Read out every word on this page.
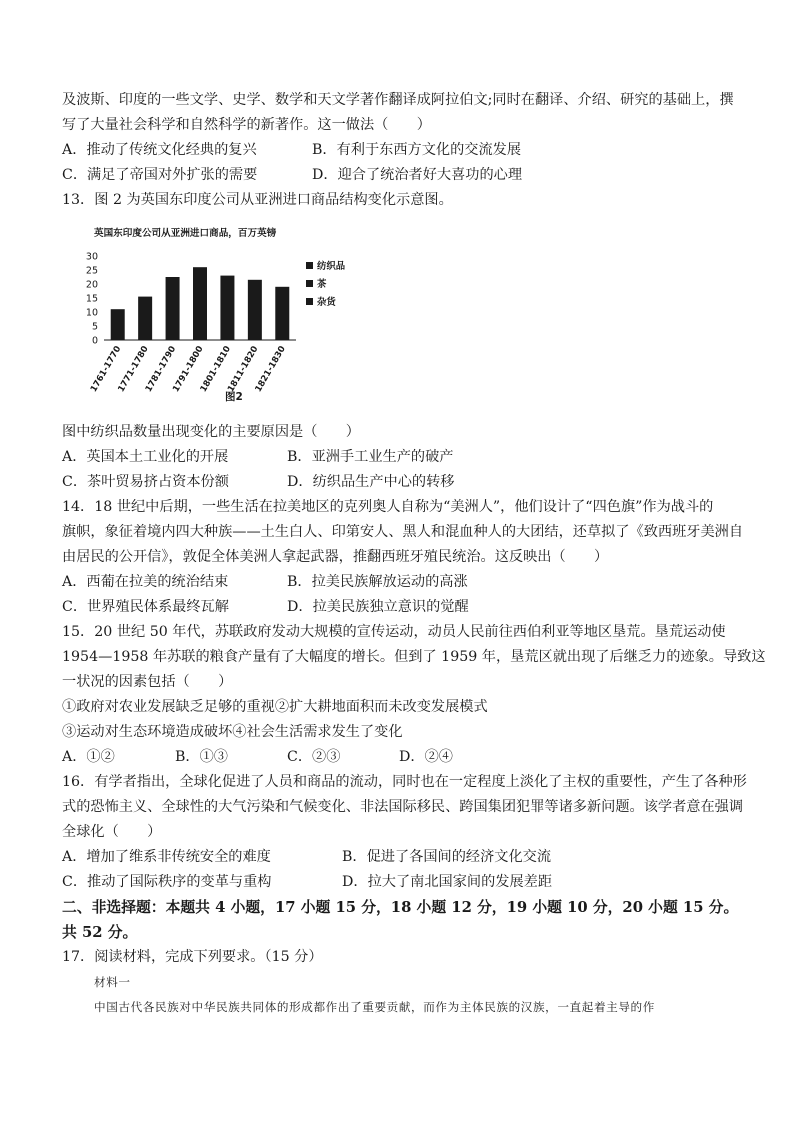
及波斯、印度的一些文学、史学、数学和天文学著作翻译成阿拉伯文;同时在翻译、介绍、研究的基础上，撰
写了大量社会科学和自然科学的新著作。这一做法（　　）
A．推动了传统文化经典的复兴	B．有利于东西方文化的交流发展
C．满足了帝国对外扩张的需要	D．迎合了统治者好大喜功的心理
13．图 2 为英国东印度公司从亚洲进口商品结构变化示意图。
英国东印度公司从亚洲进口商品，百万英镑
30
25
20
15
10
5
0
1761-1770
1771-1780
1781-1790
1791-1800
1801-1810
1811-1820
1821-1830
纺织品
茶
杂货
图2
图中纺织品数量出现变化的主要原因是（　　）
A．英国本土工业化的开展	B．亚洲手工业生产的破产
C．茶叶贸易挤占资本份额	D．纺织品生产中心的转移
14．18 世纪中后期，一些生活在拉美地区的克列奥人自称为“美洲人”，他们设计了“四色旗”作为战斗的
旗帜，象征着境内四大种族——土生白人、印第安人、黑人和混血种人的大团结，还草拟了《致西班牙美洲自
由居民的公开信》，敦促全体美洲人拿起武器，推翻西班牙殖民统治。这反映出（　　）
A．西葡在拉美的统治结束	B．拉美民族解放运动的高涨
C．世界殖民体系最终瓦解	D．拉美民族独立意识的觉醒
15．20 世纪 50 年代，苏联政府发动大规模的宣传运动，动员人民前往西伯利亚等地区垦荒。垦荒运动使
1954—1958 年苏联的粮食产量有了大幅度的增长。但到了 1959 年，垦荒区就出现了后继乏力的迹象。导致这
一状况的因素包括（　　）
①政府对农业发展缺乏足够的重视②扩大耕地面积而未改变发展模式
③运动对生态环境造成破坏④社会生活需求发生了变化
A．①②	B．①③	C．②③	D．②④
16．有学者指出，全球化促进了人员和商品的流动，同时也在一定程度上淡化了主权的重要性，产生了各种形
式的恐怖主义、全球性的大气污染和气候变化、非法国际移民、跨国集团犯罪等诸多新问题。该学者意在强调
全球化（　　）
A．增加了维系非传统安全的难度	B．促进了各国间的经济文化交流
C．推动了国际秩序的变革与重构	D．拉大了南北国家间的发展差距
二、非选择题：本题共 4 小题，17 小题 15 分，18 小题 12 分，19 小题 10 分，20 小题 15 分。
共 52 分。
17．阅读材料，完成下列要求。（15 分）
材料一
中国古代各民族对中华民族共同体的形成都作出了重要贡献，而作为主体民族的汉族，一直起着主导的作
